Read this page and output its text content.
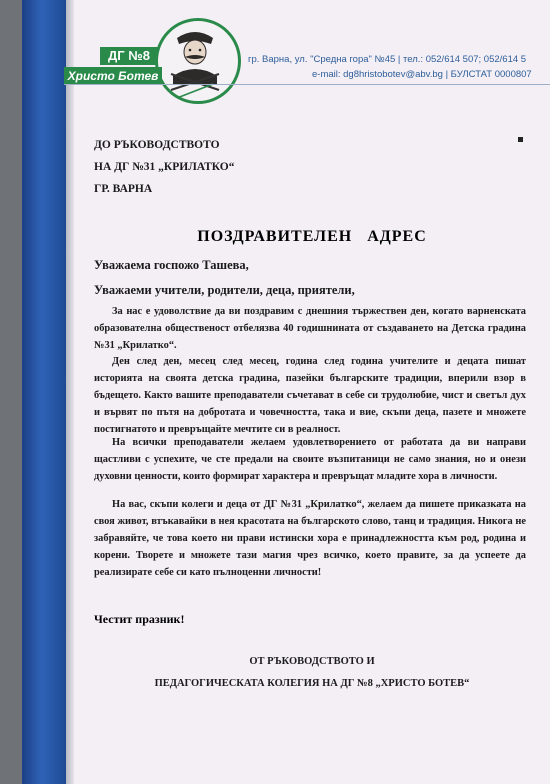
ДГ №8
Христо Ботев
гр. Варна, ул. "Средна гора" №45 | тел.: 052/614 507; 052/614 5
e-mail: dg8hristobotev@abv.bg | БУЛСТАТ 0000807
ДО РЪКОВОДСТВОТО
НА ДГ №31 „КРИЛАТКО“
ГР. ВАРНА
ПОЗДРАВИТЕЛЕН АДРЕС
Уважаема госпожо Ташева,
Уважаеми учители, родители, деца, приятели,
За нас е удоволствие да ви поздравим с днешния тържествен ден, когато варненската образователна общественост отбелязва 40 годишнината от създаването на Детска градина №31 „Крилатко“.
Ден след ден, месец след месец, година след година учителите и децата пишат историята на своята детска градина, пазейки българските традиции, вперили взор в бъдещето. Както вашите преподаватели съчетават в себе си трудолюбие, чист и светъл дух и вървят по пътя на добротата и човечността, така и вие, скъпи деца, пазете и множете постигнатото и превръщайте мечтите си в реалност.
На всички преподаватели желаем удовлетворението от работата да ви направи щастливи с успехите, че сте предали на своите възпитаници не само знания, но и онези духовни ценности, които формират характера и превръщат младите хора в личности.
На вас, скъпи колеги и деца от ДГ №31 „Крилатко“, желаем да пишете приказката на своя живот, втъкавайки в нея красотата на българското слово, танц и традиция. Никога не забравяйте, че това което ни прави истински хора е принадлежността към род, родина и корени. Творете и множете тази магия чрез всичко, което правите, за да успеете да реализирате себе си като пълноценни личности!
Честит празник!
ОТ РЪКОВОДСТВОТО И
ПЕДАГОГИЧЕСКАТА КОЛЕГИЯ НА ДГ №8 „ХРИСТО БОТЕВ“
